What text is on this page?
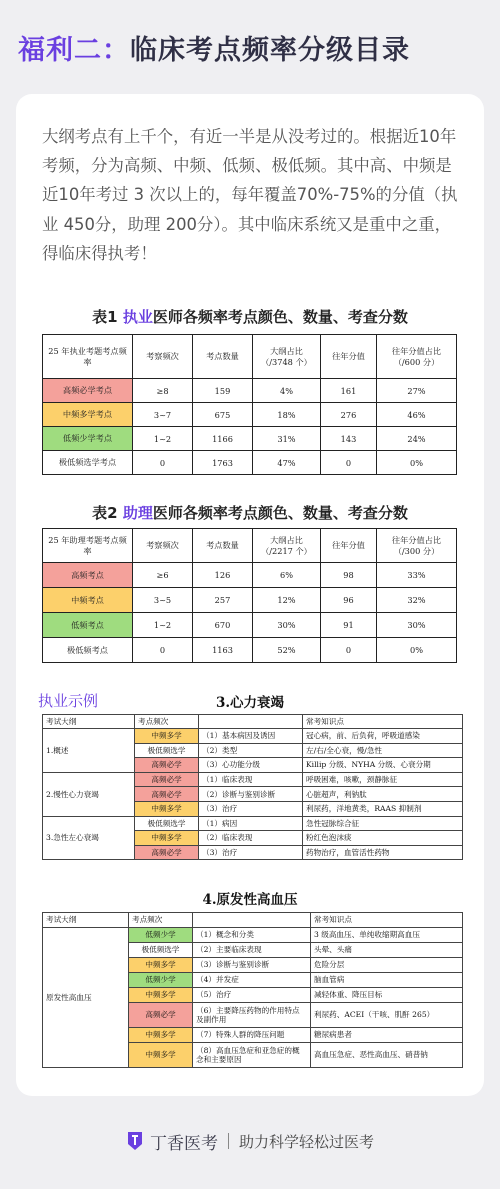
福利二：临床考点频率分级目录
大纲考点有上千个，有近一半是从没考过的。根据近10年考频，分为高频、中频、低频、极低频。其中高、中频是近10年考过 3 次以上的，每年覆盖70%-75%的分值（执业 450分，助理 200分）。其中临床系统又是重中之重，得临床得执考！
表1 执业医师各频率考点颜色、数量、考查分数
25 年执业考题考点频率	考察频次	考点数量	大纲占比
（/3748 个）	往年分值	往年分值占比
（/600 分）
高频必学考点	≥8	159	4%	161	27%
中频多学考点	3~7	675	18%	276	46%
低频少学考点	1~2	1166	31%	143	24%
极低频选学考点	0	1763	47%	0	0%
表2 助理医师各频率考点颜色、数量、考查分数
25 年助理考题考点频率	考察频次	考点数量	大纲占比
（/2217 个）	往年分值	往年分值占比
（/300 分）
高频考点	≥6	126	6%	98	33%
中频考点	3~5	257	12%	96	32%
低频考点	1~2	670	30%	91	30%
极低频考点	0	1163	52%	0	0%
执业示例	3.心力衰竭
考试大纲	考点频次		常考知识点
1.概述	中频多学	（1）基本病因及诱因	冠心病，前、后负荷，呼吸道感染
	极低频选学	（2）类型	左/右/全心衰，慢/急性
	高频必学	（3）心功能分级	Killip 分级、NYHA 分级、心衰分期
2.慢性心力衰竭	高频必学	（1）临床表现	呼吸困难，咳嗽，颈静脉征
	高频必学	（2）诊断与鉴别诊断	心脏超声，利钠肽
	中频多学	（3）治疗	利尿药，洋地黄类，RAAS 抑制剂
3.急性左心衰竭	极低频选学	（1）病因	急性冠脉综合征
	中频多学	（2）临床表现	粉红色泡沫痰
	高频必学	（3）治疗	药物治疗，血管活性药物
4.原发性高血压
考试大纲	考点频次		常考知识点
原发性高血压	低频少学	（1）概念和分类	3 级高血压、单纯收缩期高血压
	极低频选学	（2）主要临床表现	头晕、头痛
	中频多学	（3）诊断与鉴别诊断	危险分层
	低频少学	（4）并发症	脑血管病
	中频多学	（5）治疗	减轻体重、降压目标
	高频必学	（6）主要降压药物的作用特点及副作用	利尿药、ACEI（干咳、肌酐 265）
	中频多学	（7）特殊人群的降压问题	糖尿病患者
	中频多学	（8）高血压急症和亚急症的概念和主要原因	高血压急症、恶性高血压、硝普钠
丁香医考 助力科学轻松过医考
